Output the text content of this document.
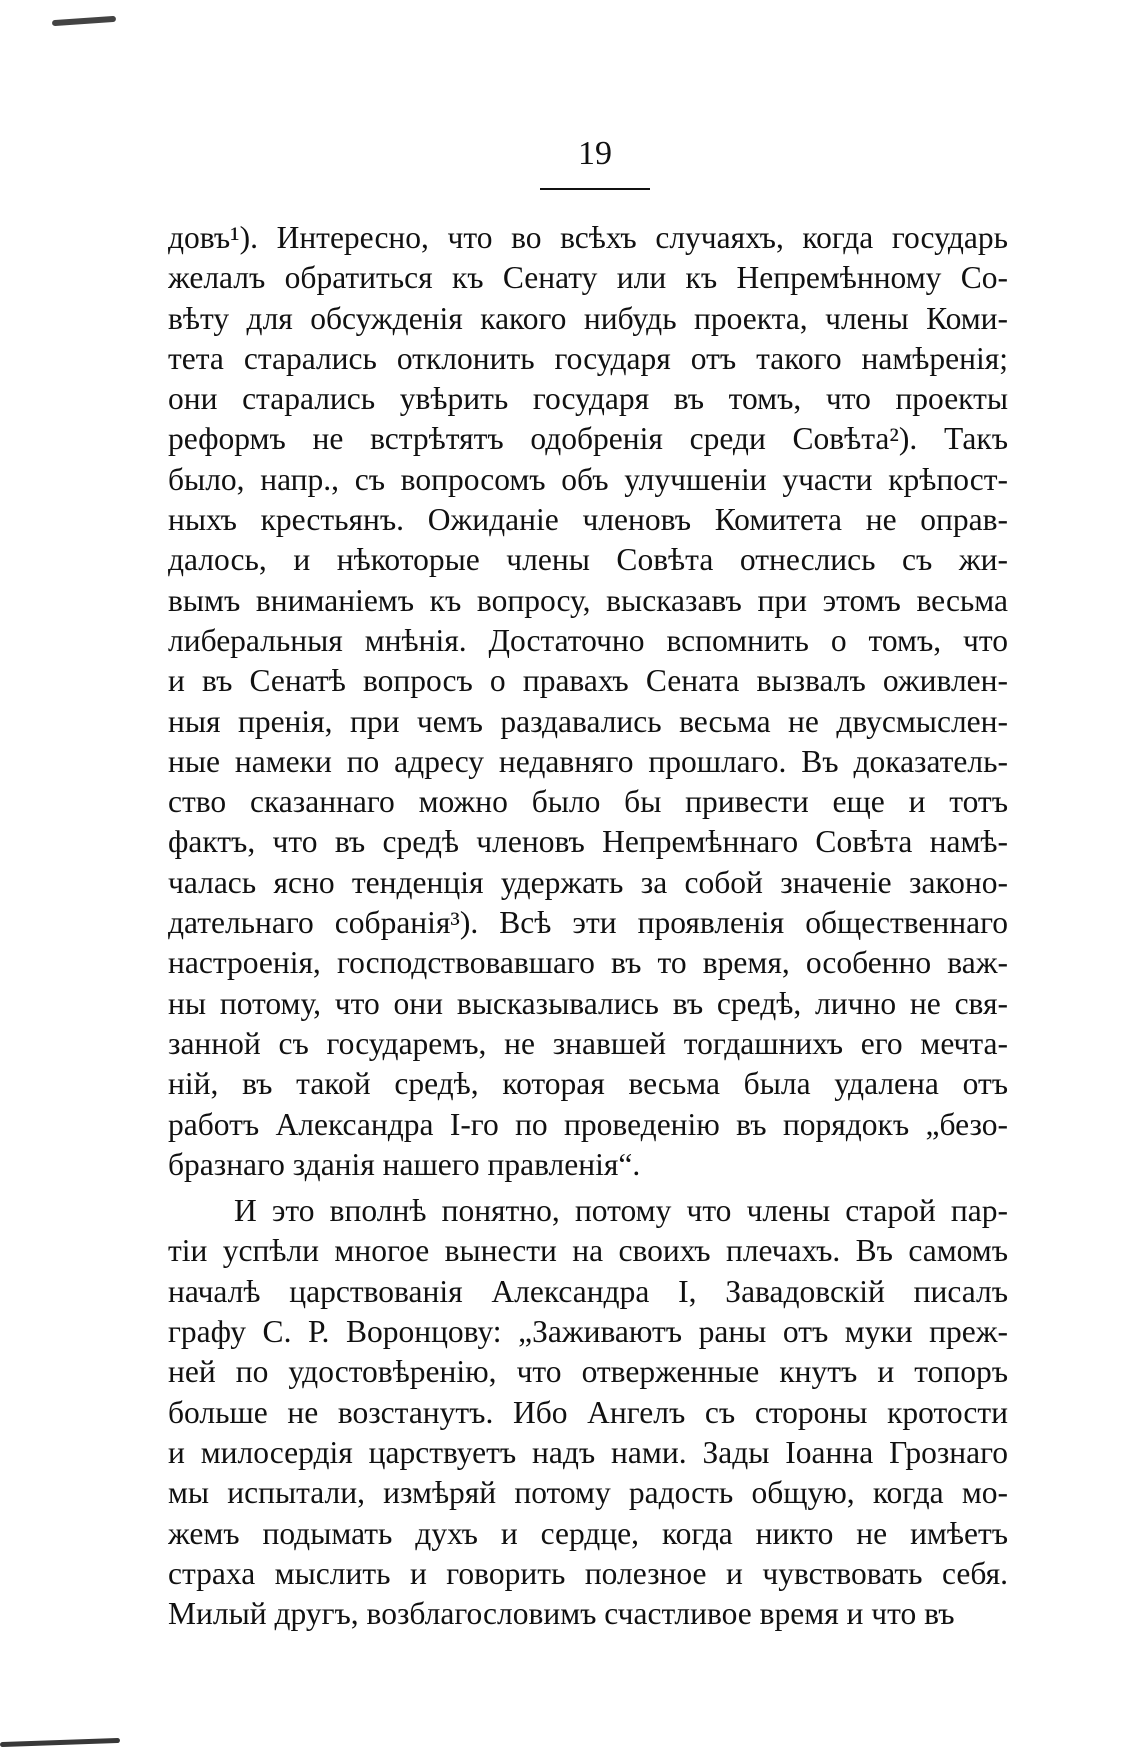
19
довъ¹). Интересно, что во всѣхъ случаяхъ, когда государь
желалъ обратиться къ Сенату или къ Непремѣнному Со-
вѣту для обсужденія какого нибудь проекта, члены Коми-
тета старались отклонить государя отъ такого намѣренія;
они старались увѣрить государя въ томъ, что проекты
реформъ не встрѣтятъ одобренія среди Совѣта²). Такъ
было, напр., съ вопросомъ объ улучшеніи участи крѣпост-
ныхъ крестьянъ. Ожиданіе членовъ Комитета не оправ-
далось, и нѣкоторые члены Совѣта отнеслись съ жи-
вымъ вниманіемъ къ вопросу, высказавъ при этомъ весьма
либеральныя мнѣнія. Достаточно вспомнить о томъ, что
и въ Сенатѣ вопросъ о правахъ Сената вызвалъ оживлен-
ныя пренія, при чемъ раздавались весьма не двусмыслен-
ные намеки по адресу недавняго прошлаго. Въ доказатель-
ство сказаннаго можно было бы привести еще и тотъ
фактъ, что въ средѣ членовъ Непремѣннаго Совѣта намѣ-
чалась ясно тенденція удержать за собой значеніе законо-
дательнаго собранія³). Всѣ эти проявленія общественнаго
настроенія, господствовавшаго въ то время, особенно важ-
ны потому, что они высказывались въ средѣ, лично не свя-
занной съ государемъ, не знавшей тогдашнихъ его мечта-
ній, въ такой средѣ, которая весьма была удалена отъ
работъ Александра I-го по проведенію въ порядокъ „безо-
бразнаго зданія нашего правленія“.
И это вполнѣ понятно, потому что члены старой пар-
тіи успѣли многое вынести на своихъ плечахъ. Въ самомъ
началѣ царствованія Александра I, Завадовскій писалъ
графу С. Р. Воронцову: „Заживаютъ раны отъ муки преж-
ней по удостовѣренію, что отверженные кнутъ и топоръ
больше не возстанутъ. Ибо Ангелъ съ стороны кротости
и милосердія царствуетъ надъ нами. Зады Іоанна Грознаго
мы испытали, измѣряй потому радость общую, когда мо-
жемъ подымать духъ и сердце, когда никто не имѣетъ
страха мыслить и говорить полезное и чувствовать себя.
Милый другъ, возблагословимъ счастливое время и что въ
